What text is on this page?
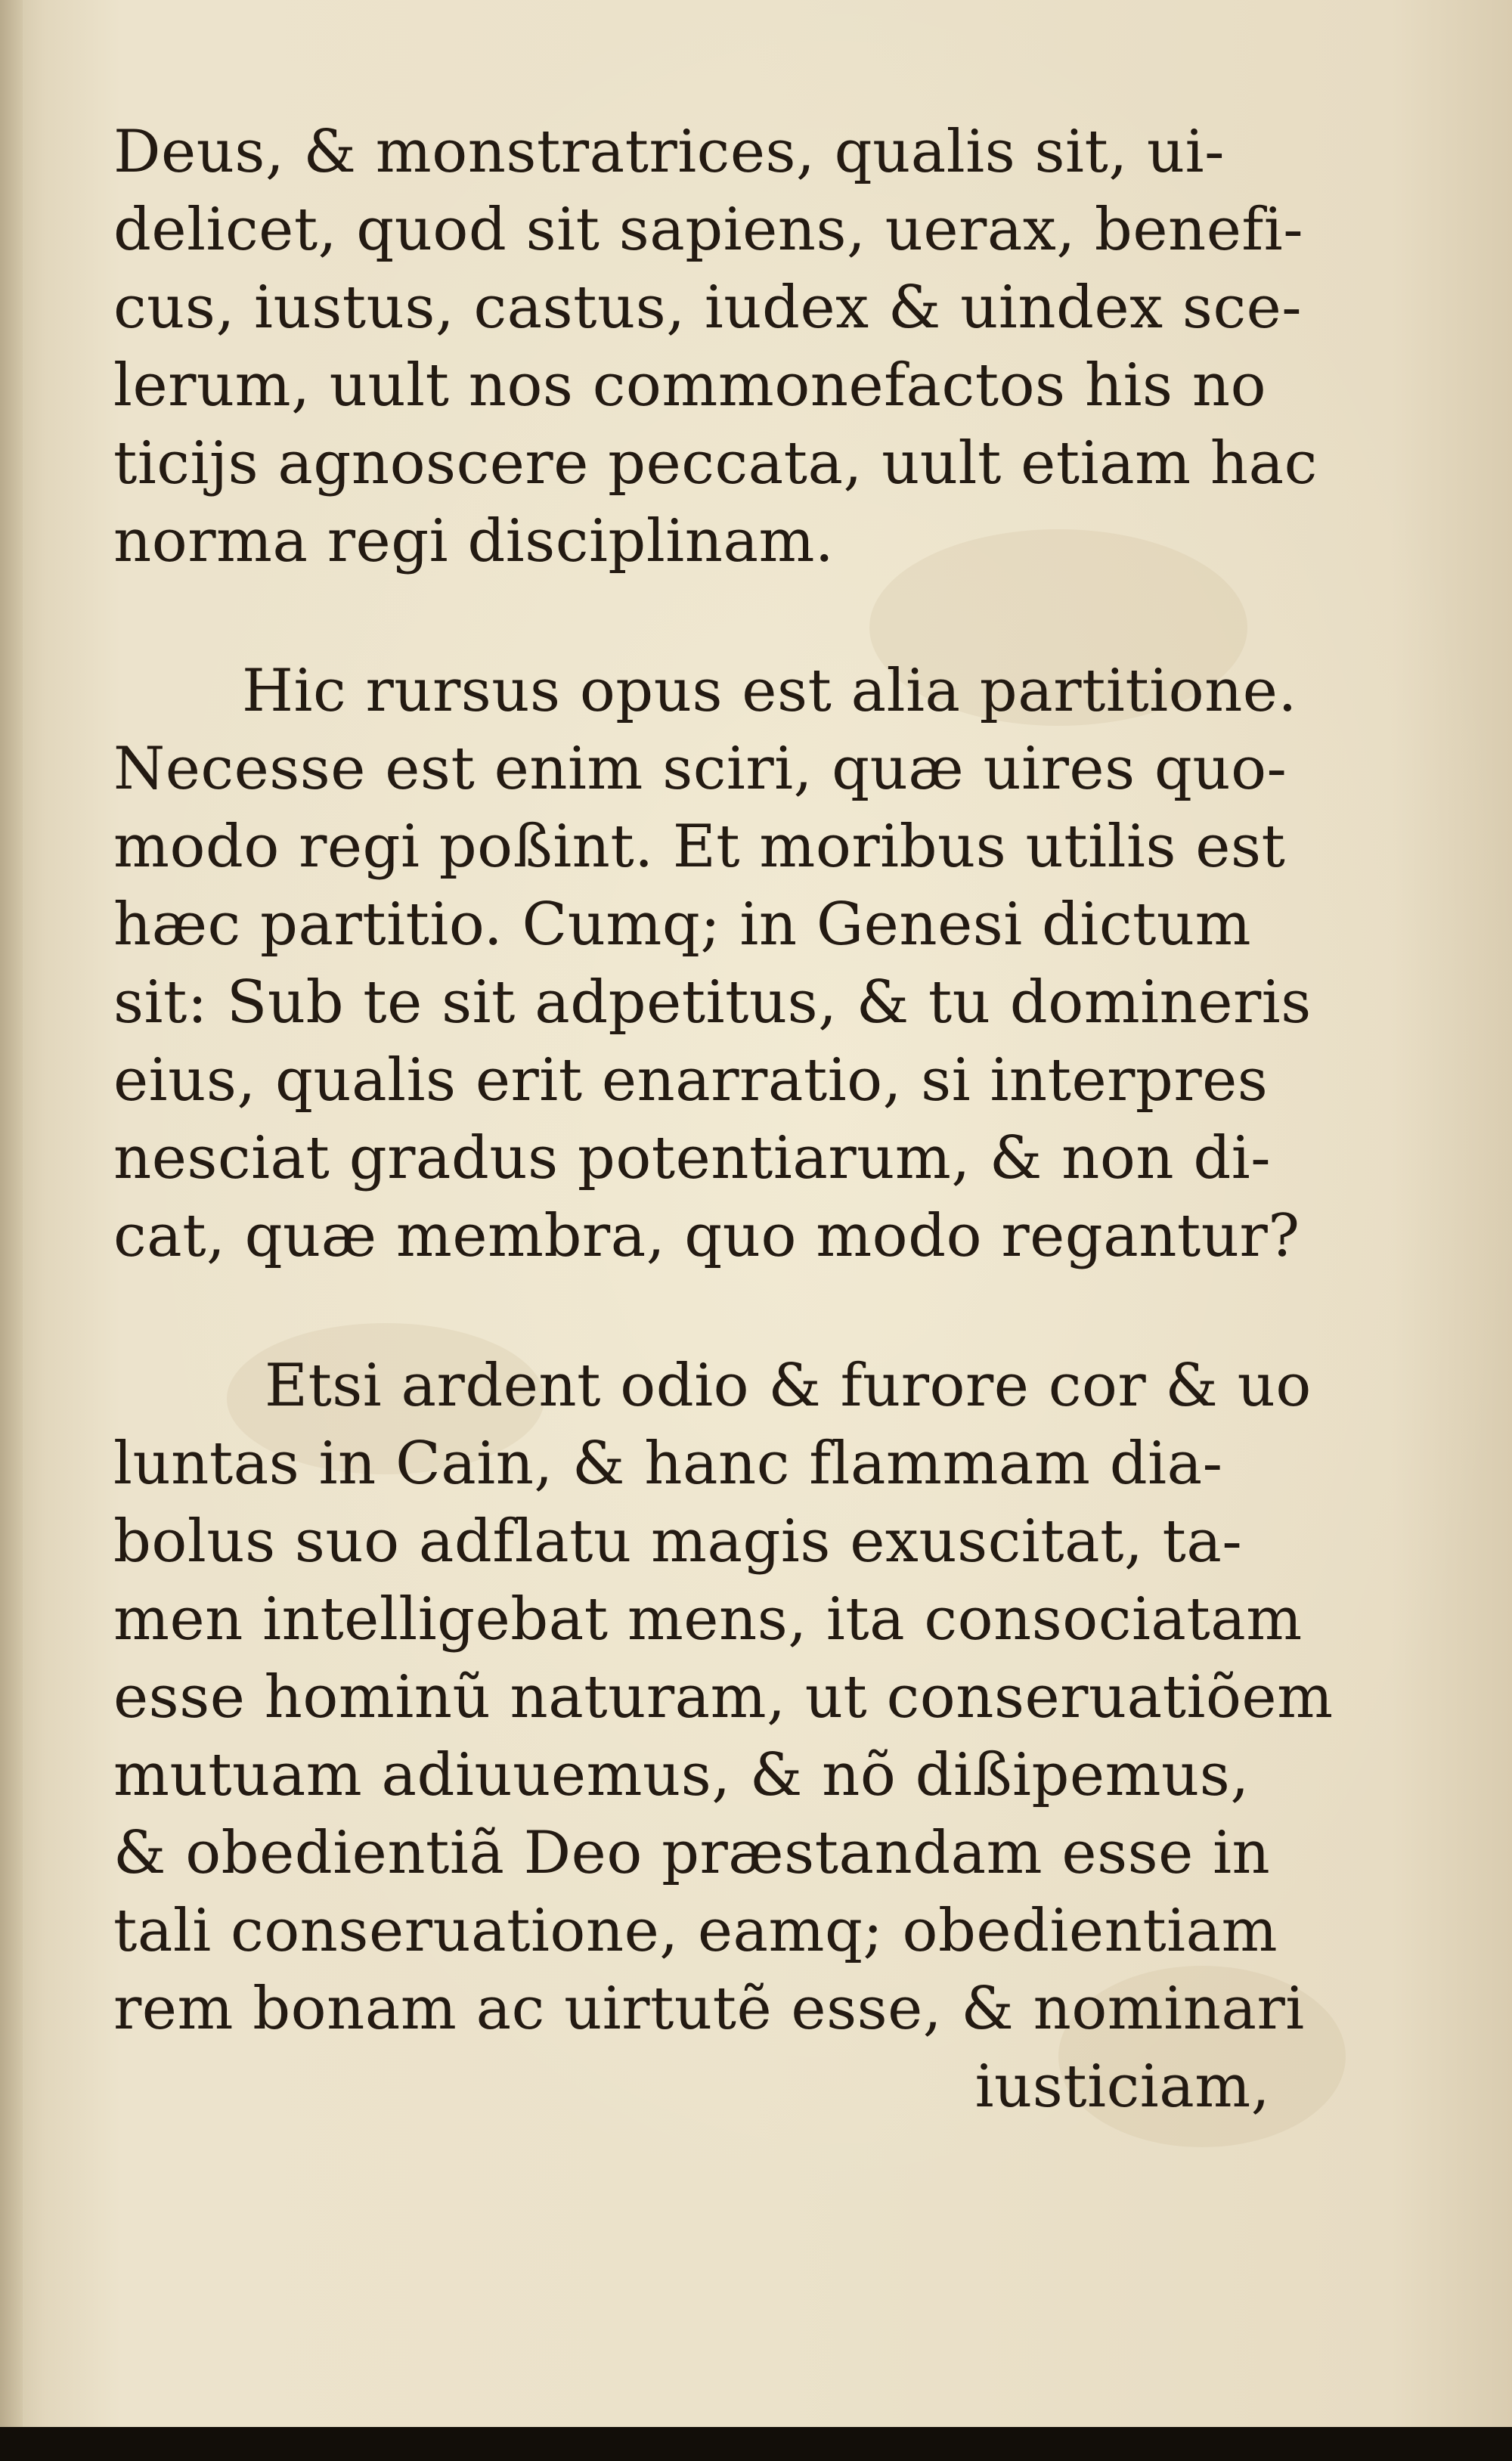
Deus, & monstratrices, qualis sit, ui-
delicet, quod sit sapiens, uerax, benefi-
cus, iustus, castus, iudex & uindex sce-
lerum, uult nos commonefactos his no
ticijs agnoscere peccata, uult etiam hac
norma regi disciplinam.
Hic rursus opus est alia partitione.
Necesse est enim sciri, quæ uires quo-
modo regi poßint. Et moribus utilis est
hæc partitio. Cumq; in Genesi dictum
sit: Sub te sit adpetitus, & tu domineris
eius, qualis erit enarratio, si interpres
nesciat gradus potentiarum, & non di-
cat, quæ membra, quo modo regantur?
Etsi ardent odio & furore cor & uo
luntas in Cain, & hanc flammam dia-
bolus suo adflatu magis exuscitat, ta-
men intelligebat mens, ita consociatam
esse hominũ naturam, ut conseruatiõem
mutuam adiuuemus, & nõ dißipemus,
& obedientiã Deo præstandam esse in
tali conseruatione, eamq; obedientiam
rem bonam ac uirtutẽ esse, & nominari
iusticiam,
